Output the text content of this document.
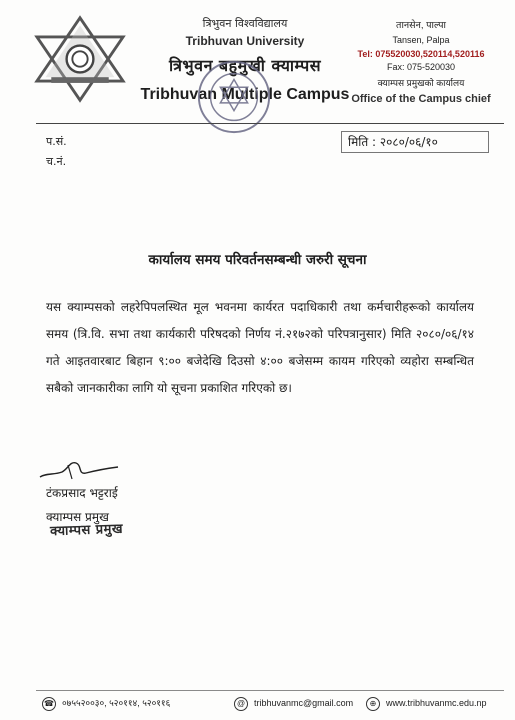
त्रिभुवन विश्वविद्यालय
Tribhuvan University
त्रिभुवन बहुमुखी क्याम्पस
Tribhuvan Multiple Campus
तानसेन, पाल्पा
Tansen, Palpa
Tel: 075520030,520114,520116
Fax: 075-520030
क्याम्पस प्रमुखको कार्यालय
Office of the Campus chief
प.सं.
च.नं.
मिति : २०८०/०६/१०
कार्यालय समय परिवर्तनसम्बन्धी जरुरी सूचना
यस क्याम्पसको लहरेपिपलस्थित मूल भवनमा कार्यरत पदाधिकारी तथा कर्मचारीहरूको कार्यालय समय (त्रि.वि. सभा तथा कार्यकारी परिषदको निर्णय नं.२१७२को परिपत्रानुसार) मिति २०८०/०६/१४ गते आइतवारबाट बिहान ९:०० बजेदेखि दिउसो ४:०० बजेसम्म कायम गरिएको व्यहोरा सम्बन्धित सबैको जानकारीका लागि यो सूचना प्रकाशित गरिएको छ।
टंकप्रसाद भट्टराई
क्याम्पस प्रमुख
क्याम्पस प्रमुख
☎ ०७५५२००३०, ५२०११४, ५२०११६	@ tribhuvanmc@gmail.com	⊕ www.tribhuvanmc.edu.np
